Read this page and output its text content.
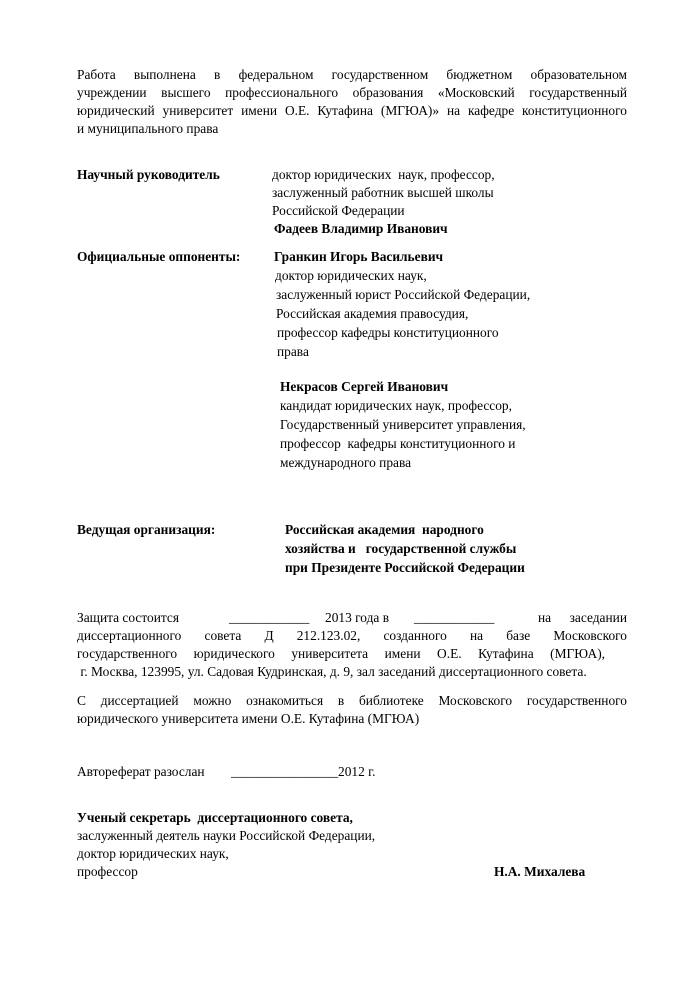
Работа выполнена в федеральном государственном бюджетном образовательном
учреждении высшего профессионального образования «Московский государственный
юридический университет имени О.Е. Кутафина (МГЮА)» на кафедре конституционного
и муниципального права
Научный руководитель	доктор юридических  наук, профессор,
заслуженный работник высшей школы
Российской Федерации
Фадеев Владимир Иванович
Официальные оппоненты:	Гранкин Игорь Васильевич
доктор юридических наук,
заслуженный юрист Российской Федерации,
Российская академия правосудия,
профессор кафедры конституционного
права
Некрасов Сергей Иванович
кандидат юридических наук, профессор,
Государственный университет управления,
профессор  кафедры конституционного и
международного права
Ведущая организация:	Российская академия  народного
хозяйства и   государственной службы
при Президенте Российской Федерации
Защита состоится	____________ 2013 года в ____________	на заседании
диссертационного совета Д 212.123.02, созданного на базе Московского
государственного юридического университета имени О.Е. Кутафина (МГЮА),
г. Москва, 123995, ул. Садовая Кудринская, д. 9, зал заседаний диссертационного совета.
С диссертацией можно ознакомиться в библиотеке Московского государственного
юридического университета имени О.Е. Кутафина (МГЮА)
Автореферат разослан ________________ 2012 г.
Ученый секретарь  диссертационного совета,
заслуженный деятель науки Российской Федерации,
доктор юридических наук,
профессор	Н.А. Михалева
